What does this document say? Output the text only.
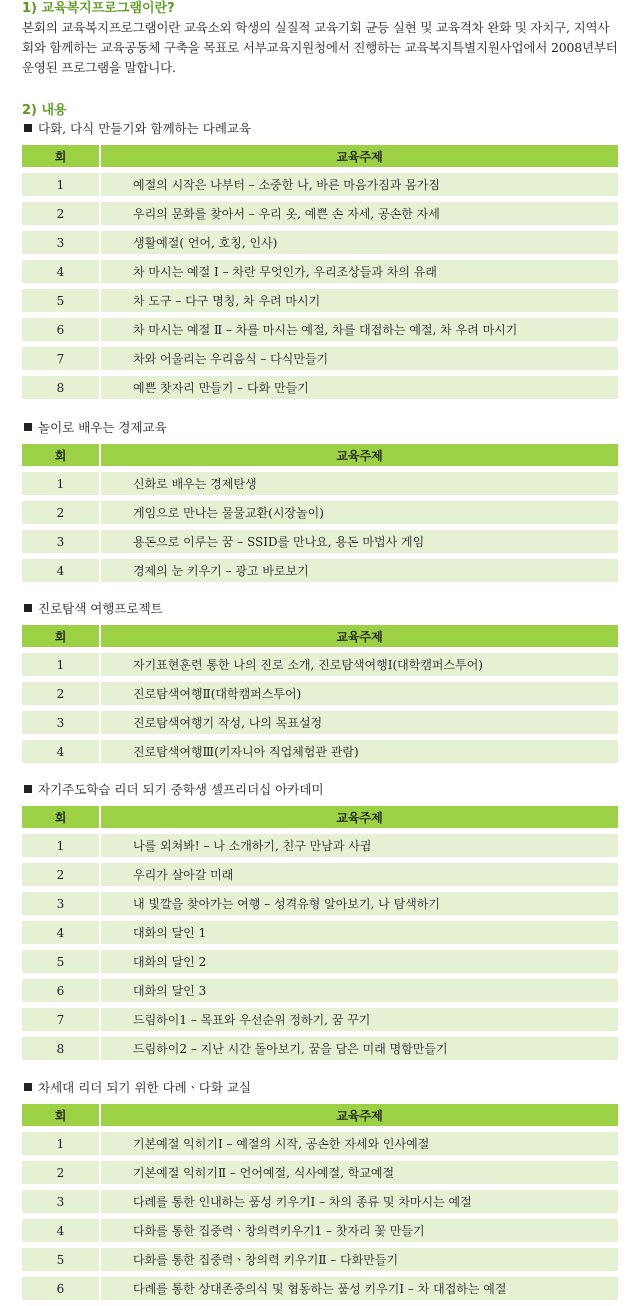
1) 교육복지프로그램이란?
본회의 교육복지프로그램이란 교육소외 학생의 실질적 교육기회 균등 실현 및 교육격차 완화 및 자치구, 지역사회와 함께하는 교육공동체 구축을 목표로 서부교육지원청에서 진행하는 교육복지특별지원사업에서 2008년부터 운영된 프로그램을 말합니다.
2) 내용
다화, 다식 만들기와 함께하는 다례교육
회	교육주제
1	예절의 시작은 나부터 – 소중한 나, 바른 마음가짐과 몸가짐
2	우리의 문화를 찾아서 – 우리 옷, 예쁜 손 자세, 공손한 자세
3	생활예절( 언어, 호칭, 인사)
4	차 마시는 예절 Ⅰ – 차란 무엇인가, 우리조상들과 차의 유래
5	차 도구 – 다구 명칭, 차 우려 마시기
6	차 마시는 예절 Ⅱ – 차를 마시는 예절, 차를 대접하는 예절, 차 우려 마시기
7	차와 어울리는 우리음식 – 다식만들기
8	예쁜 찻자리 만들기 – 다화 만들기
놀이로 배우는 경제교육
회	교육주제
1	신화로 배우는 경제탄생
2	게임으로 만나는 물물교환(시장놀이)
3	용돈으로 이루는 꿈 – SSID를 만나요, 용돈 마법사 게임
4	경제의 눈 키우기 – 광고 바로보기
진로탐색 여행프로젝트
회	교육주제
1	자기표현훈련 통한 나의 진로 소개, 진로탐색여행Ⅰ(대학캠퍼스투어)
2	진로탐색여행Ⅱ(대학캠퍼스투어)
3	진로탐색여행기 작성, 나의 목표설정
4	진로탐색여행Ⅲ(키자니아 직업체험관 관람)
자기주도학습 리더 되기 중학생 셀프리더십 아카데미
회	교육주제
1	나를 외쳐봐! – 나 소개하기, 친구 만남과 사귐
2	우리가 살아갈 미래
3	내 빛깔을 찾아가는 여행 – 성격유형 알아보기, 나 탐색하기
4	대화의 달인 1
5	대화의 달인 2
6	대화의 달인 3
7	드림하이1 – 목표와 우선순위 정하기, 꿈 꾸기
8	드림하이2 – 지난 시간 돌아보기, 꿈을 담은 미래 명함만들기
차세대 리더 되기 위한 다례ㆍ다화 교실
회	교육주제
1	기본예절 익히기Ⅰ – 예절의 시작, 공손한 자세와 인사예절
2	기본예절 익히기Ⅱ – 언어예절, 식사예절, 학교예절
3	다례를 통한 인내하는 품성 키우기Ⅰ – 차의 종류 및 차마시는 예절
4	다화를 통한 집중력ㆍ창의력키우기1 – 찻자리 꽃 만들기
5	다화를 통한 집중력ㆍ창의력 키우기Ⅱ – 다화만들기
6	다례를 통한 상대존중의식 및 협동하는 품성 키우기Ⅰ – 차 대접하는 예절
